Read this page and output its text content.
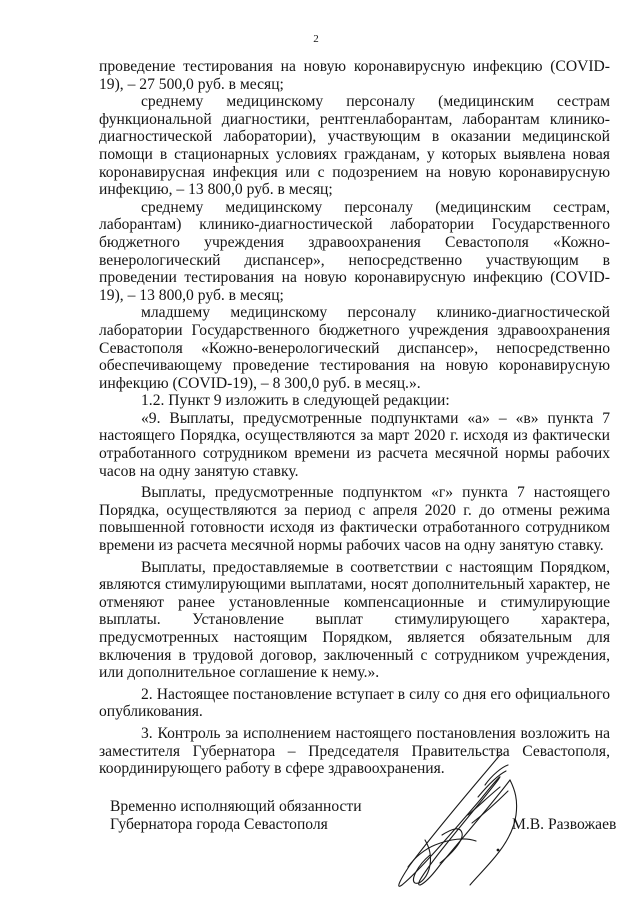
2

проведение тестирования на новую коронавирусную инфекцию (COVID-19), – 27 500,0 руб. в месяц;

среднему медицинскому персоналу (медицинским сестрам функциональной диагностики, рентгенлаборантам, лаборантам клинико-диагностической лаборатории), участвующим в оказании медицинской помощи в стационарных условиях гражданам, у которых выявлена новая коронавирусная инфекция или с подозрением на новую коронавирусную инфекцию, – 13 800,0 руб. в месяц;

среднему медицинскому персоналу (медицинским сестрам, лаборантам) клинико-диагностической лаборатории Государственного бюджетного учреждения здравоохранения Севастополя «Кожно-венерологический диспансер», непосредственно участвующим в проведении тестирования на новую коронавирусную инфекцию (COVID-19), – 13 800,0 руб. в месяц;

младшему медицинскому персоналу клинико-диагностической лаборатории Государственного бюджетного учреждения здравоохранения Севастополя «Кожно-венерологический диспансер», непосредственно обеспечивающему проведение тестирования на новую коронавирусную инфекцию (COVID-19), – 8 300,0 руб. в месяц.».

1.2. Пункт 9 изложить в следующей редакции:

«9. Выплаты, предусмотренные подпунктами «а» – «в» пункта 7 настоящего Порядка, осуществляются за март 2020 г. исходя из фактически отработанного сотрудником времени из расчета месячной нормы рабочих часов на одну занятую ставку.

Выплаты, предусмотренные подпунктом «г» пункта 7 настоящего Порядка, осуществляются за период с апреля 2020 г. до отмены режима повышенной готовности исходя из фактически отработанного сотрудником времени из расчета месячной нормы рабочих часов на одну занятую ставку.

Выплаты, предоставляемые в соответствии с настоящим Порядком, являются стимулирующими выплатами, носят дополнительный характер, не отменяют ранее установленные компенсационные и стимулирующие выплаты. Установление выплат стимулирующего характера, предусмотренных настоящим Порядком, является обязательным для включения в трудовой договор, заключенный с сотрудником учреждения, или дополнительное соглашение к нему.».

2. Настоящее постановление вступает в силу со дня его официального опубликования.

3. Контроль за исполнением настоящего постановления возложить на заместителя Губернатора – Председателя Правительства Севастополя, координирующего работу в сфере здравоохранения.

Временно исполняющий обязанности
Губернатора города Севастополя	М.В. Развожаев
